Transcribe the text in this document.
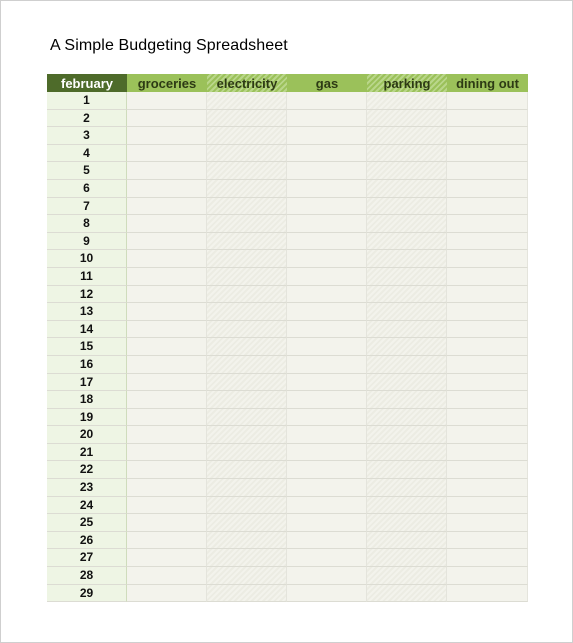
A Simple Budgeting Spreadsheet
february	groceries	electricity	gas	parking	dining out
1
2
3
4
5
6
7
8
9
10
11
12
13
14
15
16
17
18
19
20
21
22
23
24
25
26
27
28
29
